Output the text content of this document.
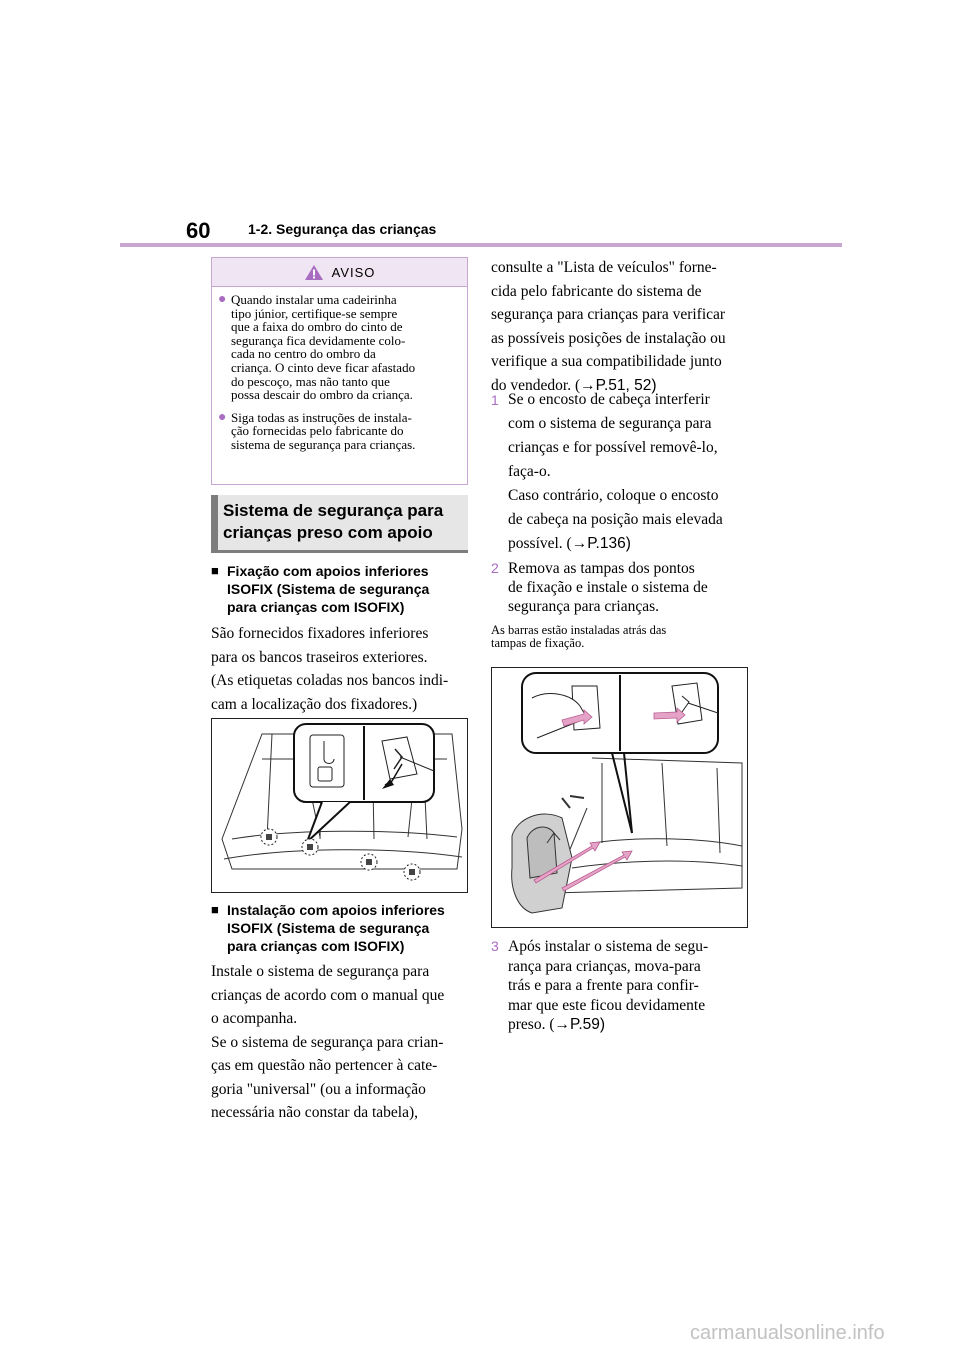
60	1-2. Segurança das crianças
AVISO
● Quando instalar uma cadeirinha
tipo júnior, certifique-se sempre
que a faixa do ombro do cinto de
segurança fica devidamente colo-
cada no centro do ombro da
criança. O cinto deve ficar afastado
do pescoço, mas não tanto que
possa descair do ombro da criança.
● Siga todas as instruções de instala-
ção fornecidas pelo fabricante do
sistema de segurança para crianças.
Sistema de segurança para
crianças preso com apoio
■ Fixação com apoios inferiores
ISOFIX (Sistema de segurança
para crianças com ISOFIX)
São fornecidos fixadores inferiores
para os bancos traseiros exteriores.
(As etiquetas coladas nos bancos indi-
cam a localização dos fixadores.)
■ Instalação com apoios inferiores
ISOFIX (Sistema de segurança
para crianças com ISOFIX)
Instale o sistema de segurança para
crianças de acordo com o manual que
o acompanha.
Se o sistema de segurança para crian-
ças em questão não pertencer à cate-
goria "universal" (ou a informação
necessária não constar da tabela),
consulte a "Lista de veículos" forne-
cida pelo fabricante do sistema de
segurança para crianças para verificar
as possíveis posições de instalação ou
verifique a sua compatibilidade junto
do vendedor. (→P.51, 52)
1 Se o encosto de cabeça interferir
com o sistema de segurança para
crianças e for possível removê-lo,
faça-o.
Caso contrário, coloque o encosto
de cabeça na posição mais elevada
possível. (→P.136)
2 Remova as tampas dos pontos
de fixação e instale o sistema de
segurança para crianças.
As barras estão instaladas atrás das
tampas de fixação.
3 Após instalar o sistema de segu-
rança para crianças, mova-para
trás e para a frente para confir-
mar que este ficou devidamente
preso. (→P.59)
carmanualsonline.info
